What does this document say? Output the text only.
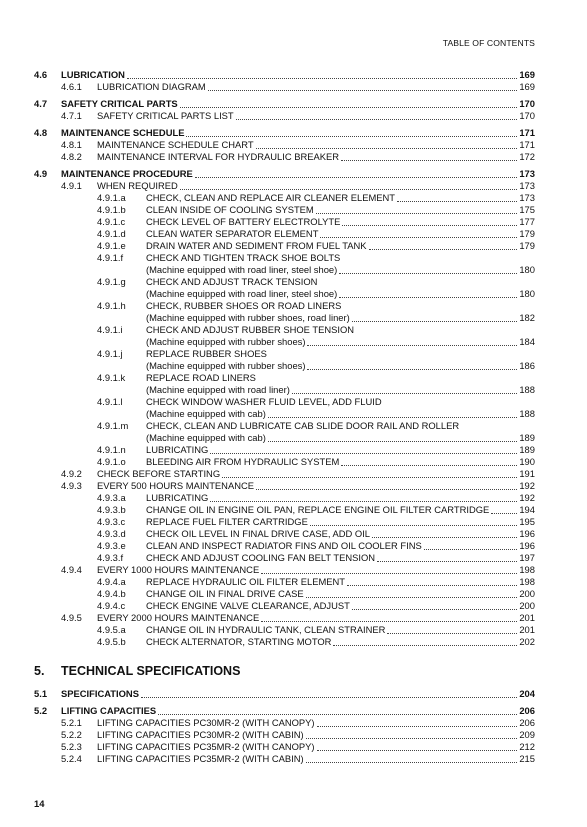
TABLE OF CONTENTS
4.6 LUBRICATION	169
4.6.1 LUBRICATION DIAGRAM	169
4.7 SAFETY CRITICAL PARTS	170
4.7.1 SAFETY CRITICAL PARTS LIST	170
4.8 MAINTENANCE SCHEDULE	171
4.8.1 MAINTENANCE SCHEDULE CHART	171
4.8.2 MAINTENANCE INTERVAL FOR HYDRAULIC BREAKER	172
4.9 MAINTENANCE PROCEDURE	173
4.9.1 WHEN REQUIRED	173
4.9.1.a CHECK, CLEAN AND REPLACE AIR CLEANER ELEMENT	173
4.9.1.b CLEAN INSIDE OF COOLING SYSTEM	175
4.9.1.c CHECK LEVEL OF BATTERY ELECTROLYTE	177
4.9.1.d CLEAN WATER SEPARATOR ELEMENT	179
4.9.1.e DRAIN WATER AND SEDIMENT FROM FUEL TANK	179
4.9.1.f CHECK AND TIGHTEN TRACK SHOE BOLTS
(Machine equipped with road liner, steel shoe)	180
4.9.1.g CHECK AND ADJUST TRACK TENSION
(Machine equipped with road liner, steel shoe)	180
4.9.1.h CHECK, RUBBER SHOES OR ROAD LINERS
(Machine equipped with rubber shoes, road liner)	182
4.9.1.i CHECK AND ADJUST RUBBER SHOE TENSION
(Machine equipped with rubber shoes)	184
4.9.1.j REPLACE RUBBER SHOES
(Machine equipped with rubber shoes)	186
4.9.1.k REPLACE ROAD LINERS
(Machine equipped with road liner)	188
4.9.1.l CHECK WINDOW WASHER FLUID LEVEL, ADD FLUID
(Machine equipped with cab)	188
4.9.1.m CHECK, CLEAN AND LUBRICATE CAB SLIDE DOOR RAIL AND ROLLER
(Machine equipped with cab)	189
4.9.1.n LUBRICATING	189
4.9.1.o BLEEDING AIR FROM HYDRAULIC SYSTEM	190
4.9.2 CHECK BEFORE STARTING	191
4.9.3 EVERY 500 HOURS MAINTENANCE	192
4.9.3.a LUBRICATING	192
4.9.3.b CHANGE OIL IN ENGINE OIL PAN, REPLACE ENGINE OIL FILTER CARTRIDGE	194
4.9.3.c REPLACE FUEL FILTER CARTRIDGE	195
4.9.3.d CHECK OIL LEVEL IN FINAL DRIVE CASE, ADD OIL	196
4.9.3.e CLEAN AND INSPECT RADIATOR FINS AND OIL COOLER FINS	196
4.9.3.f CHECK AND ADJUST COOLING FAN BELT TENSION	197
4.9.4 EVERY 1000 HOURS MAINTENANCE	198
4.9.4.a REPLACE HYDRAULIC OIL FILTER ELEMENT	198
4.9.4.b CHANGE OIL IN FINAL DRIVE CASE	200
4.9.4.c CHECK ENGINE VALVE CLEARANCE, ADJUST	200
4.9.5 EVERY 2000 HOURS MAINTENANCE	201
4.9.5.a CHANGE OIL IN HYDRAULIC TANK, CLEAN STRAINER	201
4.9.5.b CHECK ALTERNATOR, STARTING MOTOR	202
5. TECHNICAL SPECIFICATIONS
5.1 SPECIFICATIONS	204
5.2 LIFTING CAPACITIES	206
5.2.1 LIFTING CAPACITIES PC30MR-2 (WITH CANOPY)	206
5.2.2 LIFTING CAPACITIES PC30MR-2 (WITH CABIN)	209
5.2.3 LIFTING CAPACITIES PC35MR-2 (WITH CANOPY)	212
5.2.4 LIFTING CAPACITIES PC35MR-2 (WITH CABIN)	215
14
